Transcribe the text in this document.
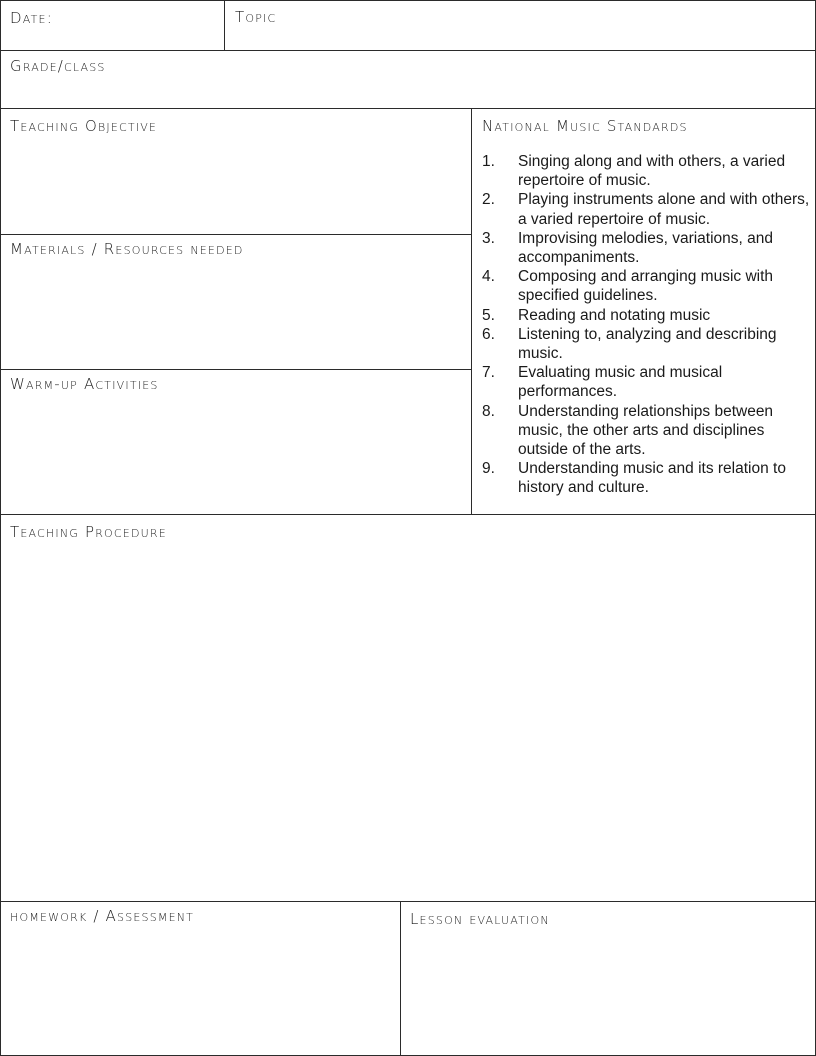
Date:	Topic
Grade/class
Teaching Objective
Materials / Resources needed
Warm-up Activities
National Music Standards
Teaching Procedure
homework / Assessment	Lesson evaluation
1.	Singing along and with others, a varied repertoire of music.
2.	Playing instruments alone and with others, a varied repertoire of music.
3.	Improvising melodies, variations, and accompaniments.
4.	Composing and arranging music with specified guidelines.
5.	Reading and notating music
6.	Listening to, analyzing and describing music.
7.	Evaluating music and musical performances.
8.	Understanding relationships between music, the other arts and disciplines outside of the arts.
9.	Understanding music and its relation to history and culture.
